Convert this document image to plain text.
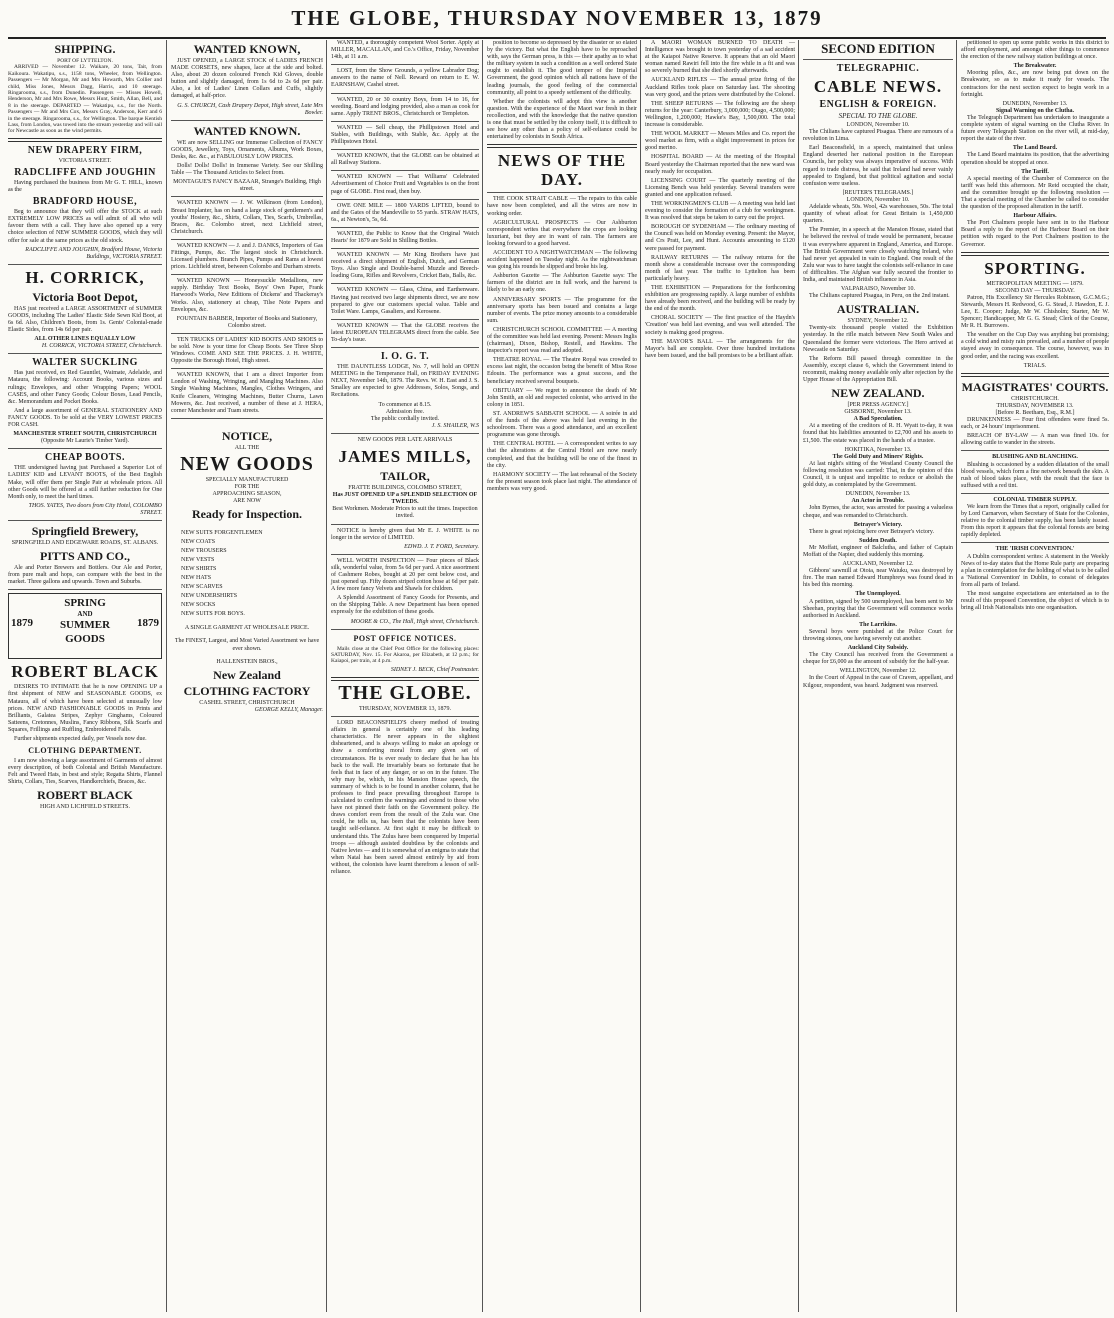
THE GLOBE, THURSDAY NOVEMBER 13, 1879
SHIPPING.
PORT OF LYTTELTON.

ARRIVED — November 12. Waikare, 20 tons, Tait, from Kaikoura. Wakatipu, s.s., 1158 tons, Wheeler, from Wellington. Passengers — Mr Morgan, Mr and Mrs Howarth, Mrs Collier and child, Miss Jones, Messrs Dagg, Harris, and 10 steerage. Ringarooma, s.s., from Dunedin. Passengers — Misses Howell, Henderson, Mr and Mrs Rowe, Messrs Hunt, Smith, Allan, Bell, and 8 in the steerage. DEPARTED — Wakatipu, s.s., for the North. Passengers — Mr and Mrs Cox, Messrs Gray, Anderson, Kerr and 6 in the steerage. Ringarooma, s.s., for Wellington. The barque Kentish Lass, from London, was towed into the stream yesterday and will sail for Newcastle as soon as the wind permits.

NEW DRAPERY FIRM,
VICTORIA STREET.
RADCLIFFE AND JOUGHIN

Having purchased the business from Mr G. T. HILL, known as the

BRADFORD HOUSE,

Beg to announce that they will offer the STOCK at such EXTREMELY LOW PRICES as will admit of all who will favour them with a call. They have also opened up a very choice selection of NEW SUMMER GOODS, which they will offer for sale at the same prices as the old stock.

RADCLIFFE AND JOUGHIN, Bradford House, Victoria Buildings, VICTORIA STREET.
H. CORRICK,
Victoria Boot Depot,

HAS just received a LARGE ASSORTMENT of SUMMER GOODS, including The Ladies' Elastic Side Sewn Kid Boot, at 6s 6d. Also, Children's Boots, from 1s. Gents' Colonial-made Elastic Sides, from 14s 6d per pair.

ALL OTHER LINES EQUALLY LOW
H. CORRICK, VICTORIA STREET, Christchurch.
WALTER SUCKLING

Has just received, ex Red Gauntlet, Waimate, Adelaide, and Mataura, the following: Account Books, various sizes and rulings; Envelopes, and other Wrapping Papers; WOOL CASES, and other Fancy Goods; Colour Boxes, Lead Pencils, &c. Memorandum and Pocket Books.

And a large assortment of GENERAL STATIONERY AND FANCY GOODS. To be sold at the VERY LOWEST PRICES FOR CASH.

MANCHESTER STREET SOUTH, CHRISTCHURCH
(Opposite Mr Laurie's Timber Yard).
CHEAP BOOTS.

THE undersigned having just Purchased a Superior Lot of LADIES' KID and LEVANT BOOTS, of the Best English Make, will offer them per Single Pair at wholesale prices. All other Goods will be offered at a still further reduction for One Month only, to meet the hard times.

THOS. YATES, Two doors from City Hotel, COLOMBO STREET.
Springfield Brewery,
SPRINGFIELD AND EDGEWARE ROADS, ST. ALBANS.
PITTS AND CO.,

Ale and Porter Brewers and Bottlers. Our Ale and Porter, from pure malt and hops, can compare with the best in the market. Three gallons and upwards. Town and Suburbs.

1879	1879
SPRING
AND
SUMMER
GOODS
ROBERT BLACK

DESIRES TO INTIMATE that he is now OPENING UP a first shipment of NEW and SEASONABLE GOODS, ex Mataura, all of which have been selected at unusually low prices. NEW AND FASHIONABLE GOODS in Prints and Brilliants, Galatea Stripes, Zephyr Ginghams, Coloured Satteens, Cretonnes, Muslins, Fancy Ribbons, Silk Scarfs and Squares, Frillings and Ruffling, Embroidered Falls.

Further shipments expected daily, per Vessels now due.

CLOTHING DEPARTMENT.

I am now showing a large assortment of Garments of almost every description, of both Colonial and British Manufacture. Felt and Tweed Hats, in best and style; Regatta Shirts, Flannel Shirts, Collars, Ties, Scarves, Handkerchiefs, Braces, &c.

ROBERT BLACK
HIGH AND LICHFIELD STREETS.
WANTED KNOWN,

JUST OPENED, a LARGE STOCK of LADIES FRENCH MADE CORSETS, new shapes, lace at the side and bolted. Also, about 20 dozen coloured French Kid Gloves, double button and slightly damaged, from 1s 6d to 2s 6d per pair. Also, a lot of Ladies' Linen Collars and Cuffs, slightly damaged, at half-price.

G. S. CHURCH, Cash Drapery Depot, High street, Late Mrs Bowler.
WANTED KNOWN.

WE are now SELLING our Immense Collection of FANCY GOODS, Jewellery, Toys, Ornaments, Albums, Work Boxes, Desks, &c. &c., at FABULOUSLY LOW PRICES.

Dolls! Dolls! Dolls! in Immense Variety. See our Shilling Table — The Thousand Articles to Select from.

MONTAGUE'S FANCY BAZAAR, Strange's Building, High street.

WANTED KNOWN — J. W. Wilkinson (from London), Breast Implanter, has on hand a large stock of gentlemen's and youths' Hosiery, &c., Shirts, Collars, Ties, Scarfs, Umbrellas, Braces, &c. Colombo street, next Lichfield street, Christchurch.

WANTED KNOWN — J. and J. DANKS, Importers of Gas Fittings, Pumps, &c. The largest stock in Christchurch. Licensed plumbers. Branch Pipes, Pumps and Rams at lowest prices. Lichfield street, between Colombo and Durham streets.

WANTED KNOWN — Honeysuckle Medallions, new supply. Birthday Text Books, Boys' Own Paper, Frank Harwood's Works, New Editions of Dickens' and Thackeray's Works. Also, stationery at cheap, Tilse Note Papers and Envelopes, &c.

FOUNTAIN BARBER, Importer of Books and Stationery, Colombo street.

TEN TRUCKS OF LADIES' KID BOOTS AND SHOES to be sold. Now is your time for Cheap Boots. See Three Shop Windows. COME AND SEE THE PRICES. J. H. WHITE, Opposite the Borough Hotel, High street.

WANTED KNOWN, that I am a direct Importer from London of Washing, Wringing, and Mangling Machines. Also Single Washing Machines, Mangles, Clothes Wringers, and Knife Cleaners, Wringing Machines, Butter Churns, Lawn Mowers, &c. Just received, a number of these at J. HERA, corner Manchester and Tuam streets.

NOTICE,
ALL THE
NEW GOODS
SPECIALLY MANUFACTURED
FOR THE
APPROACHING SEASON,
ARE NOW
Ready for Inspection.
NEW SUITS FORGENTLEMEN
NEW COATS
NEW TROUSERS
NEW VESTS
NEW SHIRTS
NEW HATS
NEW SCARVES
NEW UNDERSHIRTS
NEW SOCKS
NEW SUITS FOR BOYS.
A SINGLE GARMENT AT WHOLESALE PRICE.
The FINEST, Largest, and Most Varied Assortment we have ever shown.
HALLENSTEIN BROS.,
New Zealand
CLOTHING FACTORY
CASHEL STREET, CHRISTCHURCH
GEORGE KELLY, Manager.

WANTED, a thoroughly competent Wool Sorter. Apply at MILLER, MACALLAN, and Co.'s Office, Friday, November 14th, at 11 a.m.

LOST, from the Show Grounds, a yellow Labrador Dog; answers to the name of Nell. Reward on return to E. W. EARNSHAW, Cashel street.

WANTED, 20 or 30 country Boys, from 14 to 16, for weeding. Board and lodging provided, also a man as cook for same. Apply TRENT BROS., Christchurch or Templeton.

WANTED — Sell cheap, the Phillipstown Hotel and Stables, with Buildings, with Stable, &c. Apply at the Phillipstown Hotel.

WANTED KNOWN, that the GLOBE can be obtained at all Railway Stations.

WANTED KNOWN — That Williams' Celebrated Advertisement of Choice Fruit and Vegetables is on the front page of GLOBE. First read, then buy.

OWE ONE MILE — 1800 YARDS LIFTED, bound to and the Gates of the Mandeville to 55 yards. STRAW HATS, 6s., at Newton's, 5s, 6d.

WANTED, the Public to Know that the Original 'Watch Hearts' for 1879 are Sold in Shilling Bottles.

WANTED KNOWN — Mr King Brothers have just received a direct shipment of English, Dutch, and German Toys. Also Single and Double-barrel Muzzle and Breech-loading Guns, Rifles and Revolvers, Cricket Bats, Balls, &c.

WANTED KNOWN — Glass, China, and Earthenware. Having just received two large shipments direct, we are now prepared to give our customers special value. Table and Toilet Ware. Lamps, Gasaliers, and Kerosene.

WANTED KNOWN — That the GLOBE receives the latest EUROPEAN TELEGRAMS direct from the cable. See To-day's issue.

I. O. G. T.

THE DAUNTLESS LODGE, No. 7, will hold an OPEN MEETING in the Temperance Hall, on FRIDAY EVENING NEXT, November 14th, 1879. The Revs. W. H. East and J. S. Smalley are expected to give Addresses, Solos, Songs, and Recitations.

To commence at 8.15.
Admission free.
The public cordially invited.
J. S. SHAILER, W.S
NEW GOODS PER LATE ARRIVALS
JAMES MILLS,
TAILOR,
FRATTE BUILDINGS, COLOMBO STREET,
Has JUST OPENED UP a SPLENDID SELECTION OF TWEEDS.
Best Workmen. Moderate Prices to suit the times. Inspection invited.

NOTICE is hereby given that Mr E. J. WHITE is no longer in the service of LIMITED.

EDWD. J. T. FORD, Secretary.

WELL WORTH INSPECTION — Four pieces of Black silk, wonderful value, from 5s 6d per yard. A nice assortment of Cashmere Robes, bought at 20 per cent below cost, and just opened up. Fifty dozen striped cotton hose at 6d per pair. A few more fancy Velvets and Shawls for children.

A Splendid Assortment of Fancy Goods for Presents, and on the Shipping Table. A new Department has been opened expressly for the exhibition of these goods.

MOORE & CO., The Hall, High street, Christchurch.
POST OFFICE NOTICES.

Mails close at the Chief Post Office for the following places: SATURDAY, Nov. 15. For Akaroa, per Elizabeth, at 12 p.m.; for Kaiapoi, per train, at 4 p.m.

SIDNEY J. BECK, Chief Postmaster.
THE GLOBE.
THURSDAY, NOVEMBER 13, 1879.

LORD BEACONSFIELD'S cheery method of treating affairs in general is certainly one of his leading characteristics. He never appears in the slightest disheartened, and is always willing to make an apology or draw a comforting moral from any given set of circumstances. He is ever ready to declare that he has his back to the wall. He invariably bears so fortunate that he feels that in face of any danger, or so on in the future. The why may be, which, in his Mansion House speech, the summary of which is to be found in another column, that he professes to find peace prevailing throughout Europe is calculated to confirm the warnings and extend to those who have not pinned their faith on the Government policy. He draws comfort even from the result of the Zulu war. One could, he tells us, has been that the colonists have been taught self-reliance. At first sight it may be difficult to understand this. The Zulus have been conquered by Imperial troops — although assisted doubtless by the colonists and Native levies — and it is somewhat of an enigma to state that when Natal has been saved almost entirely by aid from without, the colonists have learnt therefrom a lesson of self-reliance.

position to become so depressed by the disaster or so elated by the victory. But what the English have to be reproached with, says the German press, is this — their apathy as to what the military system in such a condition as a well ordered State ought to establish it. The good temper of the Imperial Government, the good opinion which all nations have of the leading journals, the good feeling of the commercial community, all point to a speedy settlement of the difficulty.

Whether the colonists will adopt this view is another question. With the experience of the Maori war fresh in their recollection, and with the knowledge that the native question is one that must be settled by the colony itself, it is difficult to see how any other than a policy of self-reliance could be entertained by colonists in South Africa.

NEWS OF THE DAY.

THE COOK STRAIT CABLE — The repairs to this cable have now been completed, and all the wires are now in working order.

AGRICULTURAL PROSPECTS — Our Ashburton correspondent writes that everywhere the crops are looking luxuriant, but they are in want of rain. The farmers are looking forward to a good harvest.

ACCIDENT TO A NIGHTWATCHMAN — The following accident happened on Tuesday night. As the nightwatchman was going his rounds he slipped and broke his leg.

Ashburton Gazette — The Ashburton Gazette says: The farmers of the district are in full work, and the harvest is likely to be an early one.

ANNIVERSARY SPORTS — The programme for the anniversary sports has been issued and contains a large number of events. The prize money amounts to a considerable sum.

CHRISTCHURCH SCHOOL COMMITTEE — A meeting of the committee was held last evening. Present: Messrs Inglis (chairman), Dixon, Bishop, Restell, and Hawkins. The inspector's report was read and adopted.

THEATRE ROYAL — The Theatre Royal was crowded to excess last night, the occasion being the benefit of Miss Rose Edouin. The performance was a great success, and the beneficiary received several bouquets.

OBITUARY — We regret to announce the death of Mr John Smith, an old and respected colonist, who arrived in the colony in 1851.

ST. ANDREW'S SABBATH SCHOOL — A soirée in aid of the funds of the above was held last evening in the schoolroom. There was a good attendance, and an excellent programme was gone through.

THE CENTRAL HOTEL — A correspondent writes to say that the alterations at the Central Hotel are now nearly completed, and that the building will be one of the finest in the city.

HARMONY SOCIETY — The last rehearsal of the Society for the present season took place last night. The attendance of members was very good.

A MAORI WOMAN BURNED TO DEATH — Intelligence was brought to town yesterday of a sad accident at the Kaiapoi Native Reserve. It appears that an old Maori woman named Rawiri fell into the fire while in a fit and was so severely burned that she died shortly afterwards.

AUCKLAND RIFLES — The annual prize firing of the Auckland Rifles took place on Saturday last. The shooting was very good, and the prizes were distributed by the Colonel.

THE SHEEP RETURNS — The following are the sheep returns for the year: Canterbury, 3,000,000; Otago, 4,500,000; Wellington, 1,200,000; Hawke's Bay, 1,500,000. The total increase is considerable.

THE WOOL MARKET — Messrs Miles and Co. report the wool market as firm, with a slight improvement in prices for good merino.

HOSPITAL BOARD — At the meeting of the Hospital Board yesterday the Chairman reported that the new ward was nearly ready for occupation.

LICENSING COURT — The quarterly meeting of the Licensing Bench was held yesterday. Several transfers were granted and one application refused.

THE WORKINGMEN'S CLUB — A meeting was held last evening to consider the formation of a club for workingmen. It was resolved that steps be taken to carry out the project.

BOROUGH OF SYDENHAM — The ordinary meeting of the Council was held on Monday evening. Present: the Mayor, and Crs Pratt, Lee, and Hunt. Accounts amounting to £120 were passed for payment.

RAILWAY RETURNS — The railway returns for the month show a considerable increase over the corresponding month of last year. The traffic to Lyttelton has been particularly heavy.

THE EXHIBITION — Preparations for the forthcoming exhibition are progressing rapidly. A large number of exhibits have already been received, and the building will be ready by the end of the month.

CHORAL SOCIETY — The first practice of the Haydn's 'Creation' was held last evening, and was well attended. The society is making good progress.

THE MAYOR'S BALL — The arrangements for the Mayor's ball are complete. Over three hundred invitations have been issued, and the ball promises to be a brilliant affair.

SECOND EDITION
TELEGRAPHIC.
CABLE NEWS.
ENGLISH & FOREIGN.
SPECIAL TO THE GLOBE.
LONDON, November 10.

The Chilians have captured Pisagua. There are rumours of a revolution in Lima.

Earl Beaconsfield, in a speech, maintained that unless England deserted her national position in the European Councils, her policy was always imperative of success. With regard to trade distress, he said that Ireland had never vainly appealed to England, but that political agitation and social confusion were useless.

[REUTER'S TELEGRAMS.]
LONDON, November 10.

Adelaide wheats, 50s. Wool, 42s warehouses, 50s. The total quantity of wheat afloat for Great Britain is 1,450,000 quarters.

The Premier, in a speech at the Mansion House, stated that he believed the revival of trade would be permanent, because it was everywhere apparent in England, America, and Europe. The British Government were closely watching Ireland, who had never yet appealed in vain to England. One result of the Zulu war was to have taught the colonists self-reliance in case of difficulties. The Afghan war fully secured the frontier to India, and maintained British influence in Asia.

VALPARAISO, November 10.

The Chilians captured Pisagua, in Peru, on the 2nd instant.

AUSTRALIAN.
SYDNEY, November 12.

Twenty-six thousand people visited the Exhibition yesterday. In the rifle match between New South Wales and Queensland the former were victorious. The Hero arrived at Newcastle on Saturday.

The Reform Bill passed through committee in the Assembly, except clause 6, which the Government intend to recommit, making money available only after rejection by the Upper House of the Appropriation Bill.

NEW ZEALAND.
[PER PRESS AGENCY.]
GISBORNE, November 13.
A Bad Speculation.

At a meeting of the creditors of R. H. Wyatt to-day, it was found that his liabilities amounted to £2,700 and his assets to £1,500. The estate was placed in the hands of a trustee.

HOKITIKA, November 13.
The Gold Duty and Miners' Rights.

At last night's sitting of the Westland County Council the following resolution was carried: That, in the opinion of this Council, it is unjust and impolitic to reduce or abolish the gold duty, as contemplated by the Government.

DUNEDIN, November 13.
An Actor in Trouble.

John Byrnes, the actor, was arrested for passing a valueless cheque, and was remanded to Christchurch.

Betrayer's Victory.

There is great rejoicing here over Betrayer's victory.

Sudden Death.

Mr Moffatt, engineer of Balclutha, and father of Captain Moffatt of the Napier, died suddenly this morning.

AUCKLAND, November 12.

Gibbons' sawmill at Otoia, near Waiuku, was destroyed by fire. The man named Edward Humphreys was found dead in his bed this morning.

The Unemployed.

A petition, signed by 500 unemployed, has been sent to Mr Sheehan, praying that the Government will commence works authorised in Auckland.

The Larrikins.

Several boys were punished at the Police Court for throwing stones, one having severely cut another.

Auckland City Subsidy.

The City Council has received from the Government a cheque for £6,000 as the amount of subsidy for the half-year.

WELLINGTON, November 12.

In the Court of Appeal in the case of Craven, appellant, and Kilgour, respondent, was heard. Judgment was reserved.

petitioned to open up some public works in this district to afford employment, and amongst other things to commence the erection of the new railway station buildings at once.

The Breakwater.

Mooring piles, &c., are now being put down on the Breakwater, so as to make it ready for vessels. The contractors for the next section expect to begin work in a fortnight.

DUNEDIN, November 13.
Signal Warning on the Clutha.

The Telegraph Department has undertaken to inaugurate a complete system of signal warning on the Clutha River. In future every Telegraph Station on the river will, at mid-day, report the state of the river.

The Land Board.

The Land Board maintains its position, that the advertising operation should be stopped at once.

The Tariff.

A special meeting of the Chamber of Commerce on the tariff was held this afternoon. Mr Reid occupied the chair, and the committee brought up the following resolution — That a special meeting of the Chamber be called to consider the question of the proposed alteration in the tariff.

Harbour Affairs.

The Port Chalmers people have sent in to the Harbour Board a reply to the report of the Harbour Board on their petition with regard to the Port Chalmers position to the Governor.

SPORTING.
METROPOLITAN MEETING — 1879.
SECOND DAY — THURSDAY.

Patron, His Excellency Sir Hercules Robinson, G.C.M.G.; Stewards, Messrs H. Redwood, G. G. Stead, J. Hawdon, E. J. Lee, E. Cooper; Judge, Mr W. Chisholm; Starter, Mr W. Spencer; Handicapper, Mr G. G. Stead; Clerk of the Course, Mr R. H. Burrowes.

The weather on the Cup Day was anything but promising; a cold wind and misty rain prevailed, and a number of people stayed away in consequence. The course, however, was in good order, and the racing was excellent.

TRIALS.
MAGISTRATES' COURTS.
CHRISTCHURCH.
THURSDAY, NOVEMBER 13.
[Before R. Beetham, Esq., R.M.]

DRUNKENNESS — Four first offenders were fined 5s. each, or 24 hours' imprisonment.

BREACH OF BY-LAW — A man was fined 10s. for allowing cattle to wander in the streets.

BLUSHING AND BLANCHING.

Blushing is occasioned by a sudden dilatation of the small blood vessels, which form a fine network beneath the skin. A rush of blood takes place, with the result that the face is suffused with a red tint.

COLONIAL TIMBER SUPPLY.

We learn from the Times that a report, originally called for by Lord Carnarvon, when Secretary of State for the Colonies, relative to the colonial timber supply, has been lately issued. From this report it appears that the colonial forests are being rapidly depleted.

THE 'IRISH CONVENTION.'

A Dublin correspondent writes: A statement in the Weekly News of to-day states that the Home Rule party are preparing a plan in contemplation for the holding of what is to be called a 'National Convention' in Dublin, to consist of delegates from all parts of Ireland.

The most sanguine expectations are entertained as to the result of this proposed Convention, the object of which is to bring all Irish Nationalists into one organisation.
